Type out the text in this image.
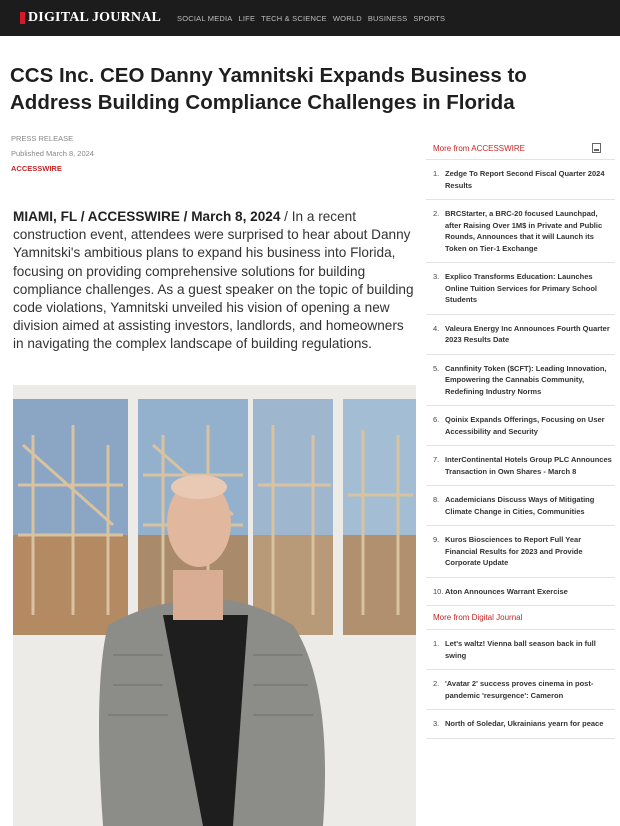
DIGITAL JOURNAL SOCIAL MEDIA LIFE TECH & SCIENCE WORLD BUSINESS SPORTS
CCS Inc. CEO Danny Yamnitski Expands Business to Address Building Compliance Challenges in Florida
PRESS RELEASE
Published March 8, 2024
ACCESSWIRE

MIAMI, FL / ACCESSWIRE / March 8, 2024 / In a recent construction event, attendees were surprised to hear about Danny Yamnitski's ambitious plans to expand his business into Florida, focusing on providing comprehensive solutions for building compliance challenges. As a guest speaker on the topic of building code violations, Yamnitski unveiled his vision of opening a new division aimed at assisting investors, landlords, and homeowners in navigating the complex landscape of building regulations.

More from ACCESSWIRE
1. Zedge To Report Second Fiscal Quarter 2024 Results
2. BRCStarter, a BRC-20 focused Launchpad, after Raising Over 1M$ in Private and Public Rounds, Announces that it will Launch its Token on Tier-1 Exchange
3. Explico Transforms Education: Launches Online Tuition Services for Primary School Students
4. Valeura Energy Inc Announces Fourth Quarter 2023 Results Date
5. Cannfinity Token ($CFT): Leading Innovation, Empowering the Cannabis Community, Redefining Industry Norms
6. Qoinix Expands Offerings, Focusing on User Accessibility and Security
7. InterContinental Hotels Group PLC Announces Transaction in Own Shares - March 8
8. Academicians Discuss Ways of Mitigating Climate Change in Cities, Communities
9. Kuros Biosciences to Report Full Year Financial Results for 2023 and Provide Corporate Update
10. Aton Announces Warrant Exercise
More from Digital Journal
1. Let's waltz! Vienna ball season back in full swing
2. 'Avatar 2' success proves cinema in post-pandemic 'resurgence': Cameron
3. North of Soledar, Ukrainians yearn for peace
